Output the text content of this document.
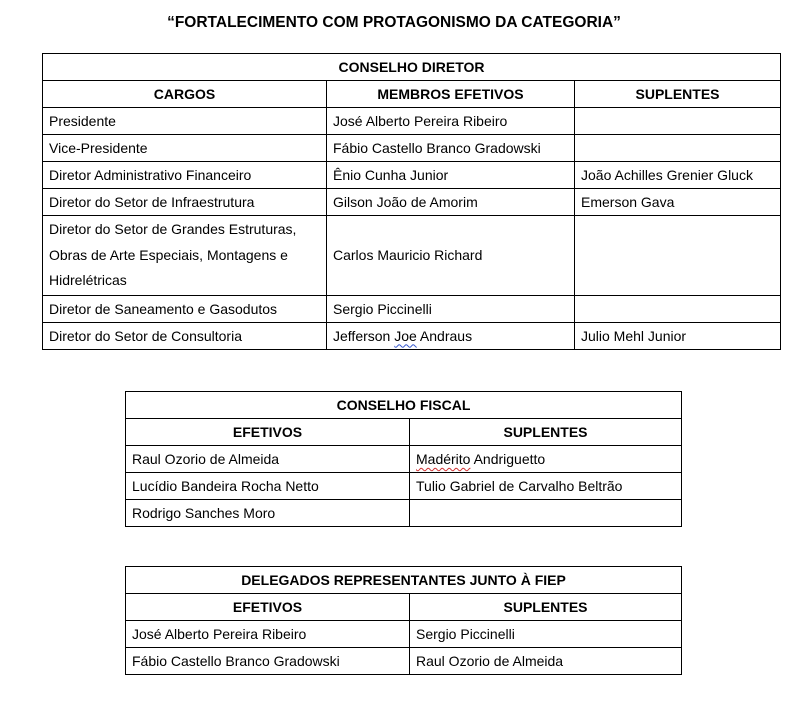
“FORTALECIMENTO COM PROTAGONISMO DA CATEGORIA”
CONSELHO DIRETOR		
CARGOS	MEMBROS EFETIVOS	SUPLENTES
Presidente	José Alberto Pereira Ribeiro	
Vice-Presidente	Fábio Castello Branco Gradowski	
Diretor Administrativo Financeiro	Ênio Cunha Junior	João Achilles Grenier Gluck
Diretor do Setor de Infraestrutura	Gilson João de Amorim	Emerson Gava

Diretor do Setor de Grandes Estruturas,
Obras de Arte Especiais, Montagens e
Hidrelétricas	Carlos Mauricio Richard	
Diretor de Saneamento e Gasodutos	Sergio Piccinelli	
Diretor do Setor de Consultoria	Jefferson Joe Andraus	Julio Mehl Junior
CONSELHO FISCAL	
EFETIVOS	SUPLENTES
Raul Ozorio de Almeida	Madérito Andriguetto
Lucídio Bandeira Rocha Netto	Tulio Gabriel de Carvalho Beltrão
Rodrigo Sanches Moro	
DELEGADOS REPRESENTANTES JUNTO À FIEP	
EFETIVOS	SUPLENTES
José Alberto Pereira Ribeiro	Sergio Piccinelli
Fábio Castello Branco Gradowski	Raul Ozorio de Almeida
